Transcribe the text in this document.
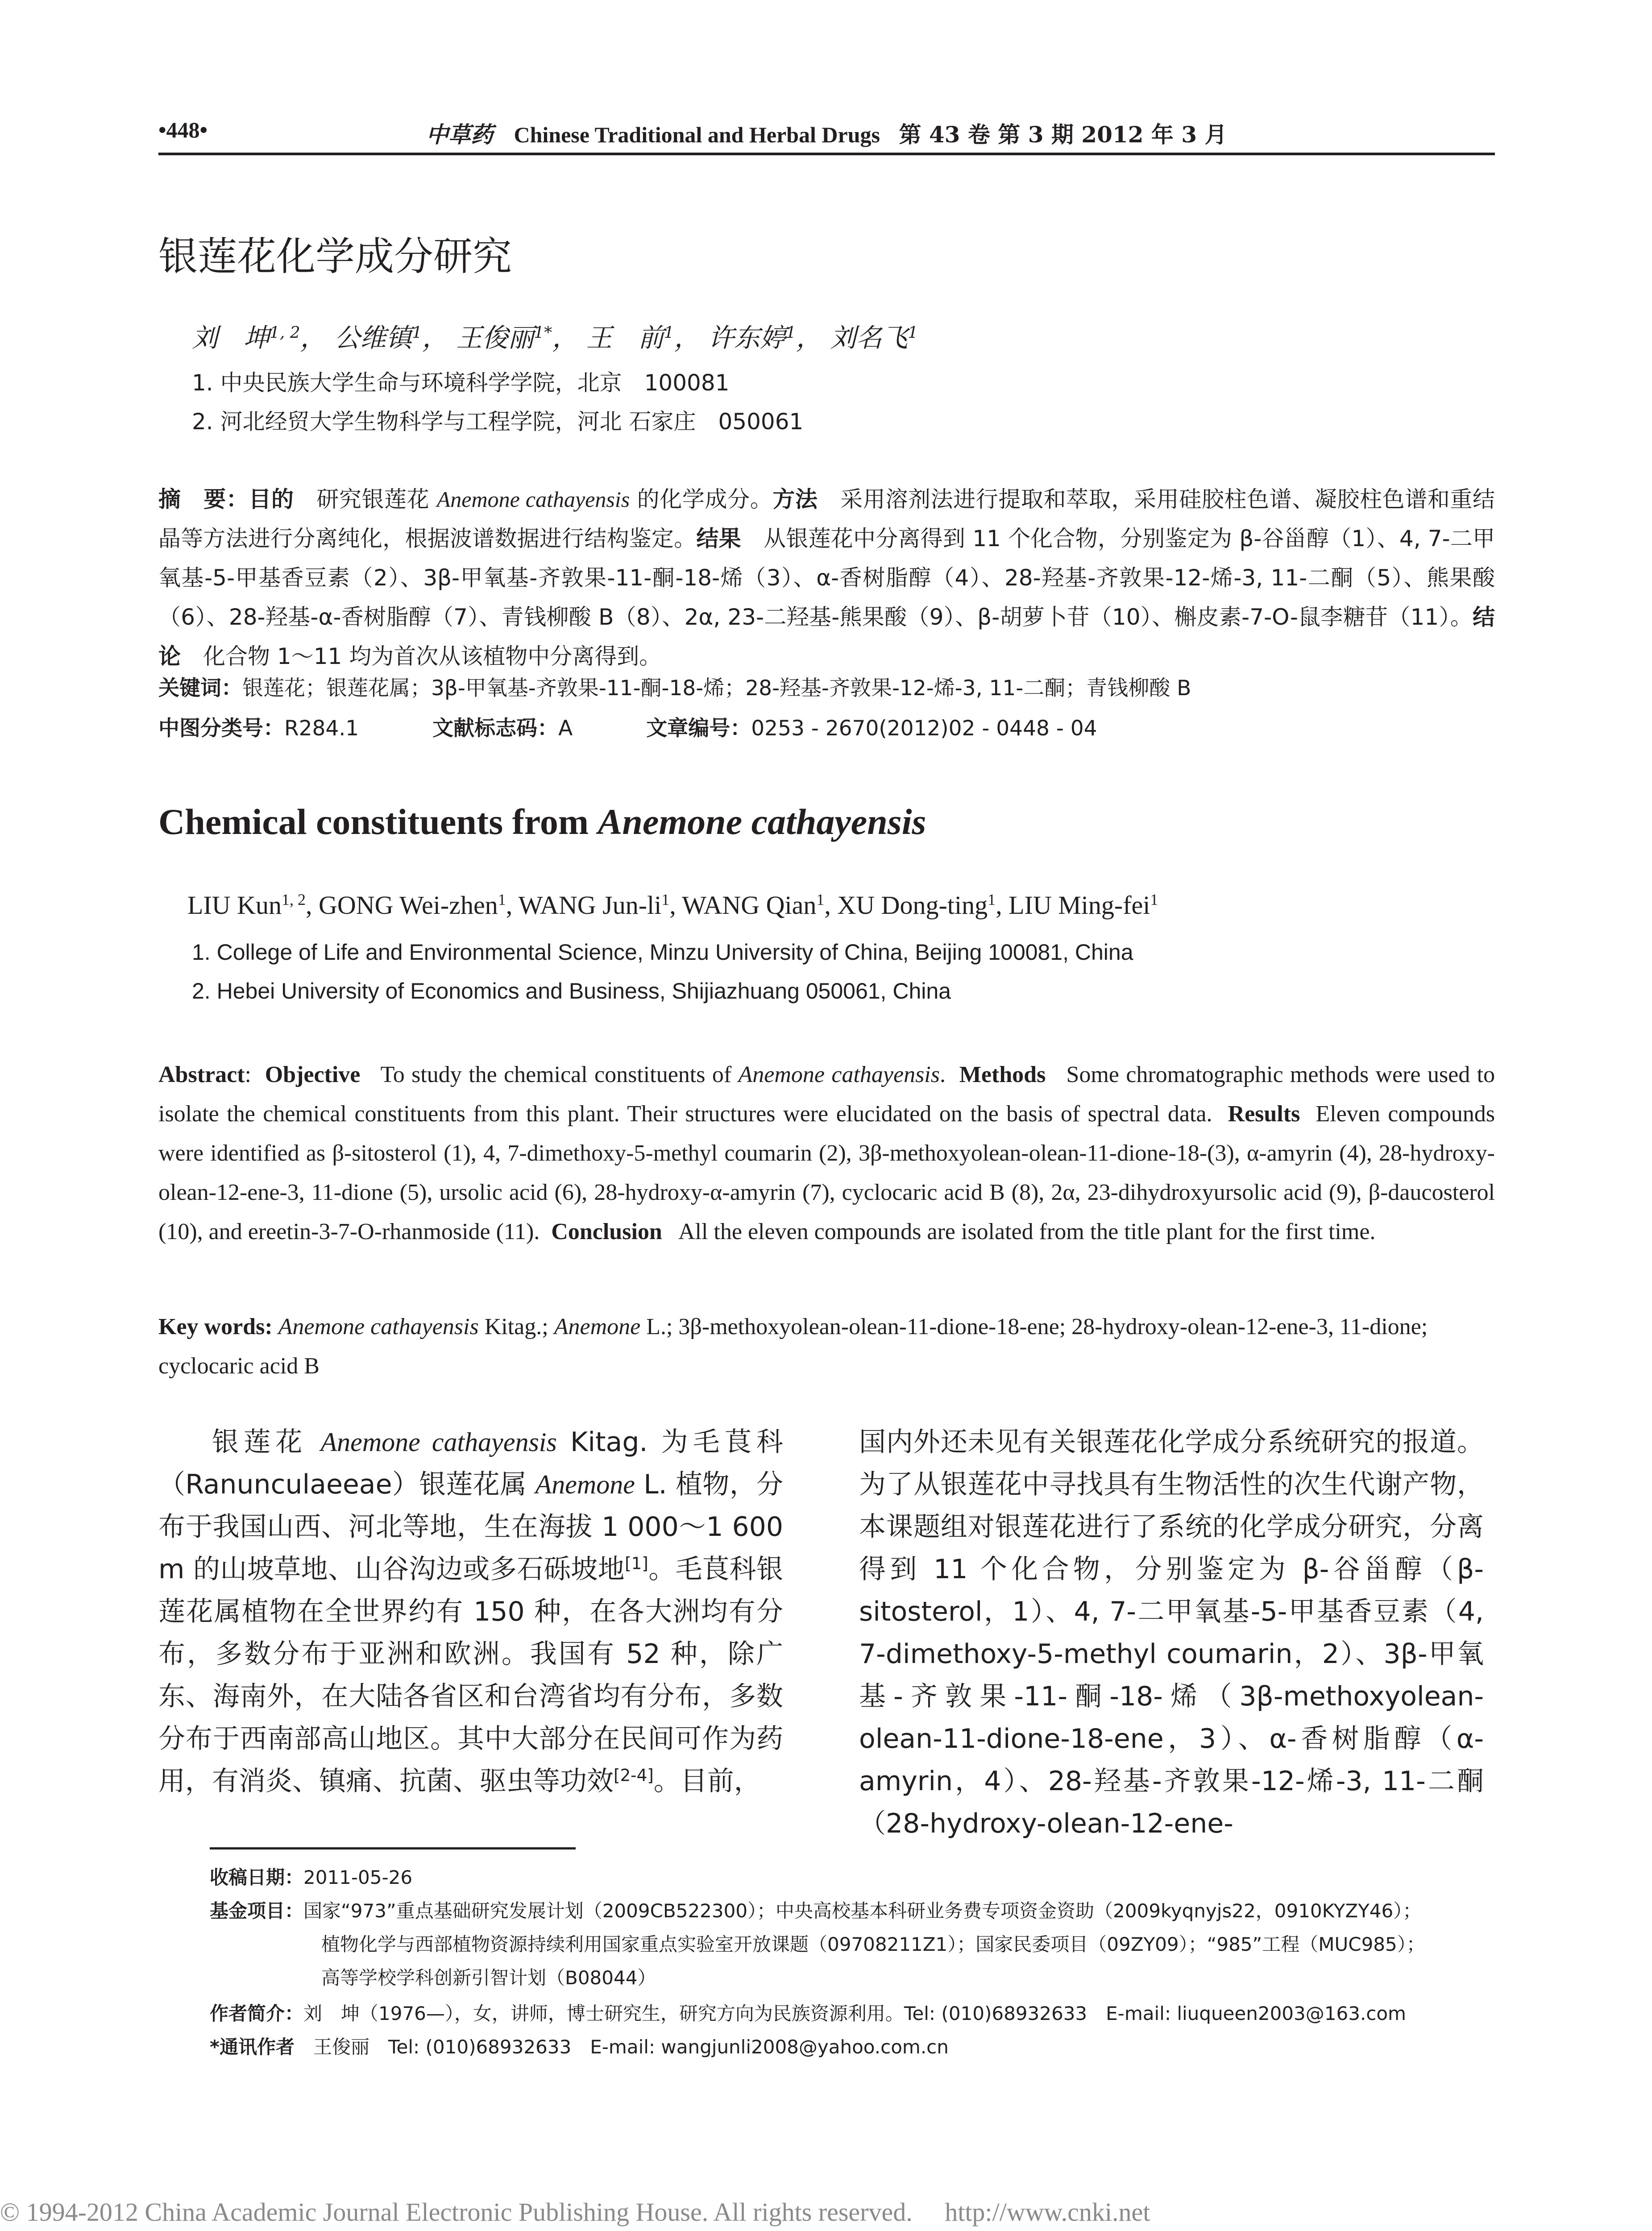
•448•	中草药 Chinese Traditional and Herbal Drugs 第 43 卷 第 3 期 2012 年 3 月
银莲花化学成分研究
刘　坤$^{1, 2}$， 公维镇$^1$， 王俊丽$^{1*}$， 王　前$^1$， 许东婷$^1$， 刘名飞$^1$
1. 中央民族大学生命与环境科学学院，北京　100081
2. 河北经贸大学生物科学与工程学院，河北 石家庄　050061
摘　要：目的　 研究银莲花 Anemone cathayensis 的化学成分。方法　 采用溶剂法进行提取和萃取，采用硅胶柱色谱、凝胶柱色谱和重结晶等方法进行分离纯化，根据波谱数据进行结构鉴定。结果　 从银莲花中分离得到 11 个化合物，分别鉴定为 β-谷甾醇（1）、4, 7-二甲氧基-5-甲基香豆素（2）、3β-甲氧基-齐敦果-11-酮-18-烯（3）、α-香树脂醇（4）、28-羟基-齐敦果-12-烯-3, 11-二酮（5）、熊果酸（6）、28-羟基-α-香树脂醇（7）、青钱柳酸 B（8）、2α, 23-二羟基-熊果酸（9）、β-胡萝卜苷（10）、槲皮素-7-O-鼠李糖苷（11）。结论　 化合物 1～11 均为首次从该植物中分离得到。
关键词：银莲花；银莲花属；3β-甲氧基-齐敦果-11-酮-18-烯；28-羟基-齐敦果-12-烯-3, 11-二酮；青钱柳酸 B
中图分类号：R284.1	文献标志码：A	文章编号：0253 - 2670(2012)02 - 0448 - 04
Chemical constituents from Anemone cathayensis
LIU Kun$^{1, 2}$, GONG Wei-zhen$^1$, WANG Jun-$li^1$, WANG Qian$^1$, XU Dong-ting$^1$, LIU Ming-fei$^1$
1. College of Life and Environmental Science, Minzu University of China, Beijing 100081, China
2. Hebei University of Economics and Business, Shijiazhuang 050061, China
Abstract:  Objective To study the chemical constituents of Anemone cathayensis.  Methods Some chromatographic methods were used to isolate the chemical constituents from this plant. Their structures were elucidated on the basis of spectral data. Results Eleven compounds were identified as β-sitosterol (1), 4, 7-dimethoxy-5-methyl coumarin (2), 3β-methoxyolean-olean-11-dione-18-(3), α-amyrin (4), 28-hydroxy-olean-12-ene-3, 11-dione (5), ursolic acid (6), 28-hydroxy-α-amyrin (7), cyclocaric acid B (8), 2α, 23-dihydroxyursolic acid (9), β-daucosterol (10), and ereetin-3-7-O-rhanmoside (11). Conclusion All the eleven compounds are isolated from the title plant for the first time.
Key words: Anemone cathayensis Kitag.; Anemone L.; 3β-methoxyolean-olean-11-dione-18-ene; 28-hydroxy-olean-12-ene-3, 11-dione; cyclocaric acid B
银莲花 Anemone cathayensis Kitag. 为毛茛科（Ranunculaeeae）银莲花属 Anemone L. 植物，分布于我国山西、河北等地，生在海拔 1 000～1 600 m 的山坡草地、山谷沟边或多石砾坡地[1]。毛茛科银莲花属植物在全世界约有 150 种，在各大洲均有分布，多数分布于亚洲和欧洲。我国有 52 种，除广东、海南外，在大陆各省区和台湾省均有分布，多数分布于西南部高山地区。其中大部分在民间可作为药用，有消炎、镇痛、抗菌、驱虫等功效[2-4]。目前，
国内外还未见有关银莲花化学成分系统研究的报道。为了从银莲花中寻找具有生物活性的次生代谢产物，本课题组对银莲花进行了系统的化学成分研究，分离得到 11 个化合物，分别鉴定为 β-谷甾醇（β-sitosterol，1）、4, 7-二甲氧基-5-甲基香豆素（4, 7-dimethoxy-5-methyl coumarin，2）、3β-甲氧基-齐敦果-11-酮-18-烯（3β-methoxyolean-olean-11-dione-18-ene，3）、α-香树脂醇（α-amyrin，4）、28-羟基-齐敦果-12-烯-3, 11-二酮（28-hydroxy-olean-12-ene-
收稿日期：2011-05-26
基金项目：国家“973”重点基础研究发展计划（2009CB522300）；中央高校基本科研业务费专项资金资助（2009kyqnyjs22，0910KYZY46）；
植物化学与西部植物资源持续利用国家重点实验室开放课题（09708211Z1）；国家民委项目（09ZY09）；“985”工程（MUC985）；
高等学校学科创新引智计划（B08044）
作者简介：刘　坤（1976—），女，讲师，博士研究生，研究方向为民族资源利用。Tel: (010)68932633　E-mail: liuqueen2003@163.com
*通讯作者　 王俊丽　Tel: (010)68932633　E-mail: wangjunli2008@yahoo.com.cn
© 1994-2012 China Academic Journal Electronic Publishing House. All rights reserved.　 http://www.cnki.net
